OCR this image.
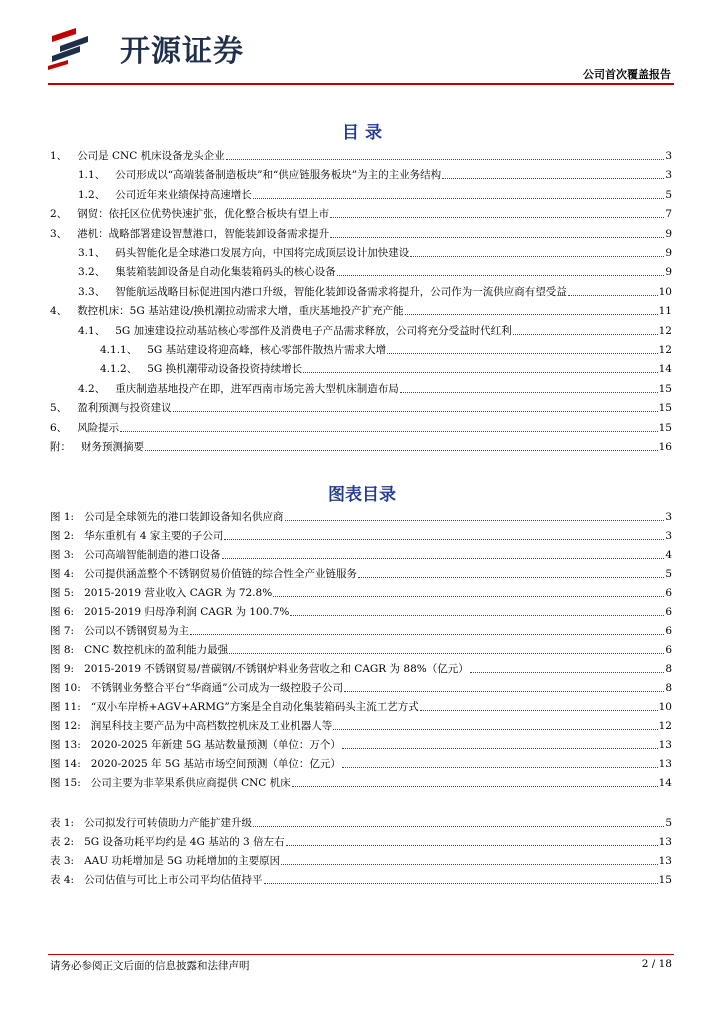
开源证券
公司首次覆盖报告
目 录
1、 公司是 CNC 机床设备龙头企业	3
1.1、 公司形成以“高端装备制造板块”和“供应链服务板块”为主的主业务结构	3
1.2、 公司近年来业绩保持高速增长	5
2、 钢贸：依托区位优势快速扩张，优化整合板块有望上市	7
3、 港机：战略部署建设智慧港口，智能装卸设备需求提升	9
3.1、 码头智能化是全球港口发展方向，中国将完成顶层设计加快建设	9
3.2、 集装箱装卸设备是自动化集装箱码头的核心设备	9
3.3、 智能航运战略目标促进国内港口升级，智能化装卸设备需求将提升，公司作为一流供应商有望受益	10
4、 数控机床：5G 基站建设/换机潮拉动需求大增，重庆基地投产扩充产能	11
4.1、 5G 加速建设拉动基站核心零部件及消费电子产品需求释放，公司将充分受益时代红利	12
4.1.1、 5G 基站建设将迎高峰，核心零部件散热片需求大增	12
4.1.2、 5G 换机潮带动设备投资持续增长	14
4.2、 重庆制造基地投产在即，进军西南市场完善大型机床制造布局	15
5、 盈利预测与投资建议	15
6、 风险提示	15
附： 财务预测摘要	16
图表目录
图 1: 公司是全球领先的港口装卸设备知名供应商	3
图 2: 华东重机有 4 家主要的子公司	3
图 3: 公司高端智能制造的港口设备	4
图 4: 公司提供涵盖整个不锈钢贸易价值链的综合性全产业链服务	5
图 5: 2015-2019 营业收入 CAGR 为 72.8%	6
图 6: 2015-2019 归母净利润 CAGR 为 100.7%	6
图 7: 公司以不锈钢贸易为主	6
图 8: CNC 数控机床的盈利能力最强	6
图 9: 2015-2019 不锈钢贸易/普碳钢/不锈钢炉料业务营收之和 CAGR 为 88%（亿元）	8
图 10: 不锈钢业务整合平台“华商通”公司成为一级控股子公司	8
图 11: “双小车岸桥+AGV+ARMG”方案是全自动化集装箱码头主流工艺方式	10
图 12: 润星科技主要产品为中高档数控机床及工业机器人等	12
图 13: 2020-2025 年新建 5G 基站数量预测（单位：万个）	13
图 14: 2020-2025 年 5G 基站市场空间预测（单位：亿元）	13
图 15: 公司主要为非苹果系供应商提供 CNC 机床	14
表 1: 公司拟发行可转债助力产能扩建升级	5
表 2: 5G 设备功耗平均约是 4G 基站的 3 倍左右	13
表 3: AAU 功耗增加是 5G 功耗增加的主要原因	13
表 4: 公司估值与可比上市公司平均估值持平	15
请务必参阅正文后面的信息披露和法律声明	2 / 18
